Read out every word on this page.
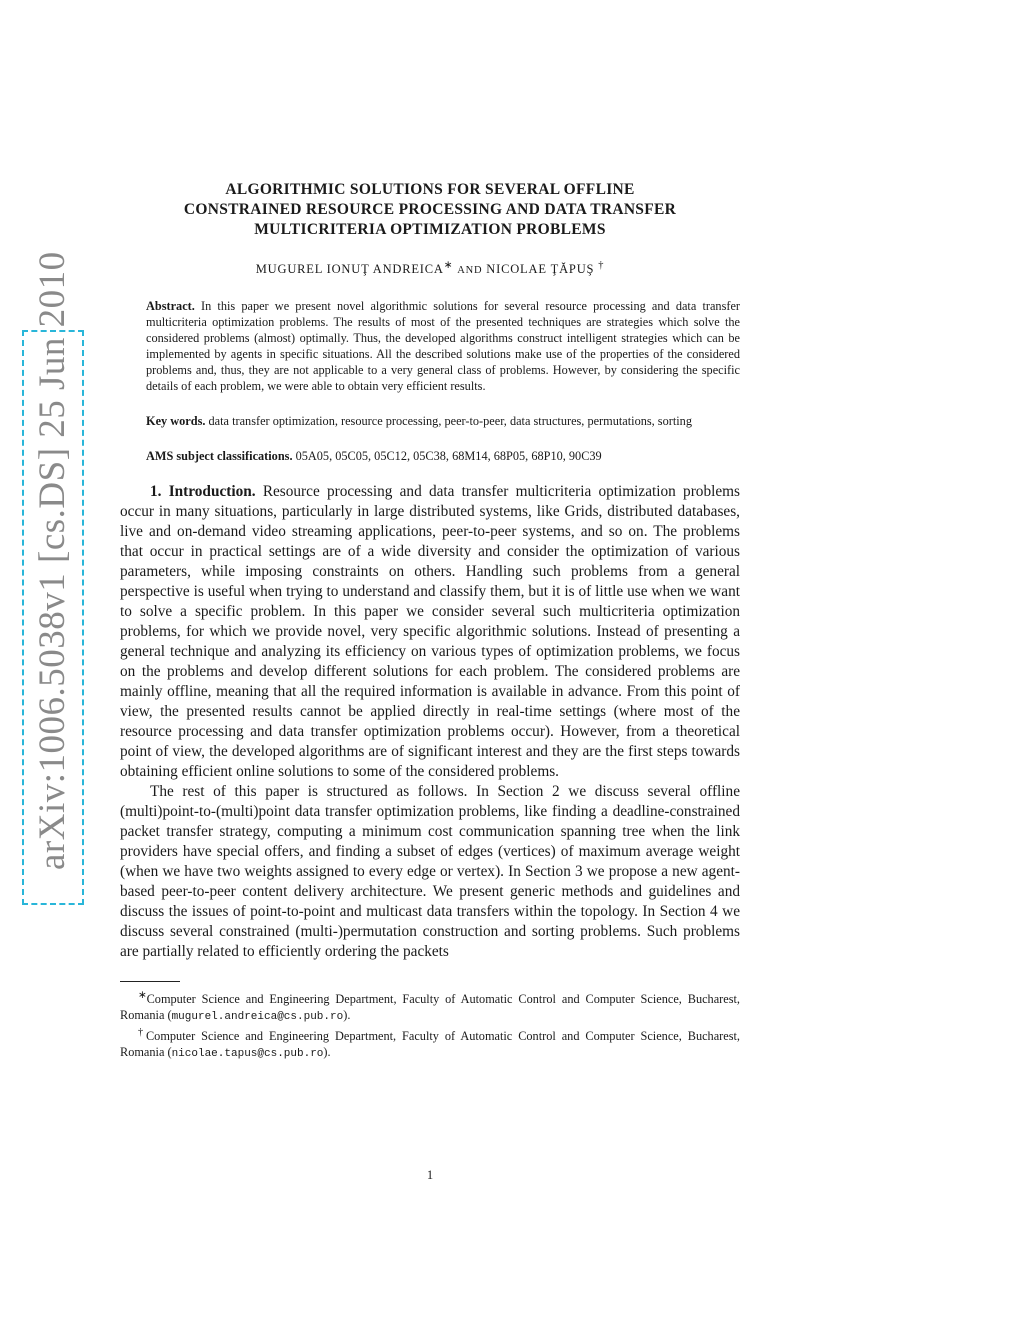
arXiv:1006.5038v1 [cs.DS] 25 Jun 2010
ALGORITHMIC SOLUTIONS FOR SEVERAL OFFLINE
CONSTRAINED RESOURCE PROCESSING AND DATA TRANSFER
MULTICRITERIA OPTIMIZATION PROBLEMS
MUGUREL IONUŢ ANDREICA∗ AND NICOLAE ŢĂPUŞ †
Abstract. In this paper we present novel algorithmic solutions for several resource processing and data transfer multicriteria optimization problems. The results of most of the presented techniques are strategies which solve the considered problems (almost) optimally. Thus, the developed algorithms construct intelligent strategies which can be implemented by agents in specific situations. All the described solutions make use of the properties of the considered problems and, thus, they are not applicable to a very general class of problems. However, by considering the specific details of each problem, we were able to obtain very efficient results.
Key words. data transfer optimization, resource processing, peer-to-peer, data structures, permutations, sorting
AMS subject classifications. 05A05, 05C05, 05C12, 05C38, 68M14, 68P05, 68P10, 90C39

1. Introduction. Resource processing and data transfer multicriteria optimization problems occur in many situations, particularly in large distributed systems, like Grids, distributed databases, live and on-demand video streaming applications, peer-to-peer systems, and so on. The problems that occur in practical settings are of a wide diversity and consider the optimization of various parameters, while imposing constraints on others. Handling such problems from a general perspective is useful when trying to understand and classify them, but it is of little use when we want to solve a specific problem. In this paper we consider several such multicriteria optimization problems, for which we provide novel, very specific algorithmic solutions. Instead of presenting a general technique and analyzing its efficiency on various types of optimization problems, we focus on the problems and develop different solutions for each problem. The considered problems are mainly offline, meaning that all the required information is available in advance. From this point of view, the presented results cannot be applied directly in real-time settings (where most of the resource processing and data transfer optimization problems occur). However, from a theoretical point of view, the developed algorithms are of significant interest and they are the first steps towards obtaining efficient online solutions to some of the considered problems.

The rest of this paper is structured as follows. In Section 2 we discuss several offline (multi)point-to-(multi)point data transfer optimization problems, like finding a deadline-constrained packet transfer strategy, computing a minimum cost communication spanning tree when the link providers have special offers, and finding a subset of edges (vertices) of maximum average weight (when we have two weights assigned to every edge or vertex). In Section 3 we propose a new agent-based peer-to-peer content delivery architecture. We present generic methods and guidelines and discuss the issues of point-to-point and multicast data transfers within the topology. In Section 4 we discuss several constrained (multi-)permutation construction and sorting problems. Such problems are partially related to efficiently ordering the packets

∗Computer Science and Engineering Department, Faculty of Automatic Control and Computer Science, Bucharest, Romania (mugurel.andreica@cs.pub.ro).

†Computer Science and Engineering Department, Faculty of Automatic Control and Computer Science, Bucharest, Romania (nicolae.tapus@cs.pub.ro).

1
